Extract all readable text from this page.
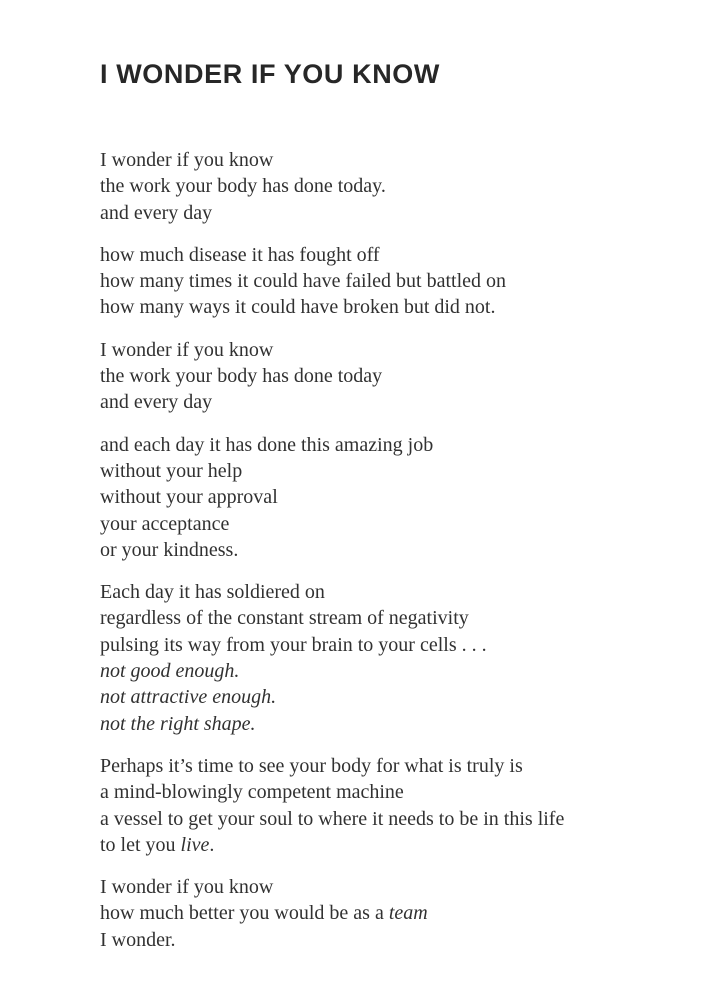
I WONDER IF YOU KNOW
I wonder if you know
the work your body has done today.
and every day
how much disease it has fought off
how many times it could have failed but battled on
how many ways it could have broken but did not.
I wonder if you know
the work your body has done today
and every day
and each day it has done this amazing job
without your help
without your approval
your acceptance
or your kindness.
Each day it has soldiered on
regardless of the constant stream of negativity
pulsing its way from your brain to your cells . . .
not good enough.
not attractive enough.
not the right shape.
Perhaps it’s time to see your body for what is truly is
a mind-blowingly competent machine
a vessel to get your soul to where it needs to be in this life
to let you live.
I wonder if you know
how much better you would be as a team
I wonder.
